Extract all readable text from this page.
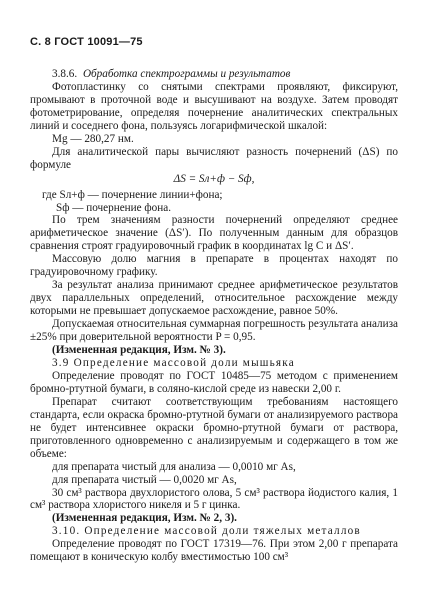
С. 8 ГОСТ 10091—75

3.8.6. Обработка спектрограммы и результатов

Фотопластинку со снятыми спектрами проявляют, фиксируют, промывают в проточной воде и высушивают на воздухе. Затем проводят фотометрирование, определяя почернение аналитических спектральных линий и соседнего фона, пользуясь логарифмической шкалой:

Mg — 280,27 нм.

Для аналитической пары вычисляют разность почернений (ΔS) по формуле

ΔS = Sл+ф − Sф,

где Sл+ф — почернение линии+фона;
Sф — почернение фона.

По трем значениям разности почернений определяют среднее арифметическое значение (ΔS′). По полученным данным для образцов сравнения строят градуировочный график в координатах lg C и ΔS′.

Массовую долю магния в препарате в процентах находят по градуировочному графику.

За результат анализа принимают среднее арифметическое результатов двух параллельных определений, относительное расхождение между которыми не превышает допускаемое расхождение, равное 50%.

Допускаемая относительная суммарная погрешность результата анализа ±25% при доверительной вероятности P = 0,95.

(Измененная редакция, Изм. № 3).

3.9 Определение массовой доли мышьяка

Определение проводят по ГОСТ 10485—75 методом с применением бромно-ртутной бумаги, в соляно-кислой среде из навески 2,00 г.

Препарат считают соответствующим требованиям настоящего стандарта, если окраска бромно-ртутной бумаги от анализируемого раствора не будет интенсивнее окраски бромно-ртутной бумаги от раствора, приготовленного одновременно с анализируемым и содержащего в том же объеме:

для препарата чистый для анализа — 0,0010 мг As,

для препарата чистый — 0,0020 мг As,

30 см³ раствора двухлористого олова, 5 см³ раствора йодистого калия, 1 см³ раствора хлористого никеля и 5 г цинка.

(Измененная редакция, Изм. № 2, 3).

3.10. Определение массовой доли тяжелых металлов

Определение проводят по ГОСТ 17319—76. При этом 2,00 г препарата помещают в коническую колбу вместимостью 100 см³
